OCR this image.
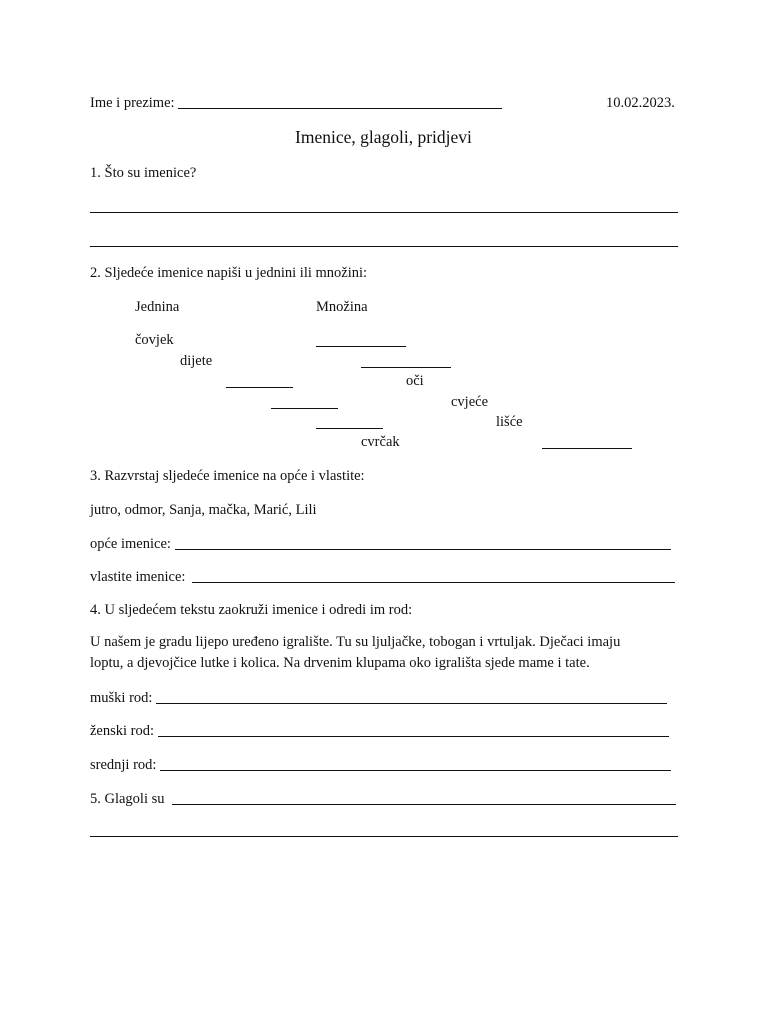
Ime i prezime:	10.02.2023.
Imenice, glagoli, pridjevi
1. Što su imenice?
2. Sljedeće imenice napiši u jednini ili množini:
Jednina	Množina
čovjek
dijete
oči
cvjeće
lišće
cvrčak
3. Razvrstaj sljedeće imenice na opće i vlastite:
jutro, odmor, Sanja, mačka, Marić, Lili
opće imenice:
vlastite imenice:
4. U sljedećem tekstu zaokruži imenice i odredi im rod:
U našem je gradu lijepo uređeno igralište. Tu su ljuljačke, tobogan i vrtuljak. Dječaci imaju
loptu, a djevojčice lutke i kolica. Na drvenim klupama oko igrališta sjede mame i tate.
muški rod:
ženski rod:
srednji rod:
5. Glagoli su
